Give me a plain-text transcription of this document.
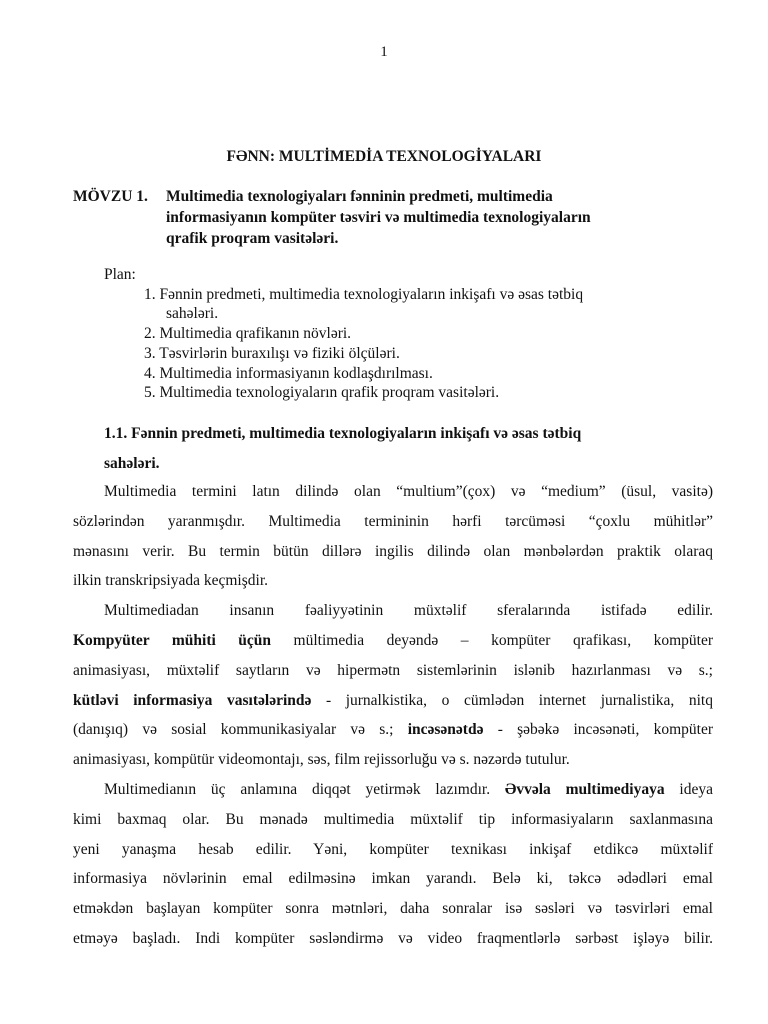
1
FƏNN: MULTİMEDİA TEXNOLOGİYALARI
MÖVZU 1. Multimedia texnologiyaları fənninin predmeti, multimedia
informasiyanın kompüter təsviri və multimedia texnologiyaların
qrafik proqram vasitələri.
Plan:
1. Fənnin predmeti, multimedia texnologiyaların inkişafı və əsas tətbiq
sahələri.
2. Multimedia qrafikanın növləri.
3. Təsvirlərin buraxılışı və fiziki ölçüləri.
4. Multimedia informasiyanın kodlaşdırılması.
5. Multimedia texnologiyaların qrafik proqram vasitələri.
1.1. Fənnin predmeti, multimedia texnologiyaların inkişafı və əsas tətbiq
sahələri.

Multimedia termini latın dilində olan “multium”(çox) və “medium” (üsul, vasitə)

sözlərindən yaranmışdır. Multimedia termininin hərfi tərcüməsi “çoxlu mühitlər”

mənasını verir. Bu termin bütün dillərə ingilis dilində olan mənbələrdən praktik olaraq

ilkin transkripsiyada keçmişdir.

Multimediadan insanın fəaliyyətinin müxtəlif sferalarında istifadə edilir.

Kompyüter mühiti üçün mültimedia deyəndə – kompüter qrafikası, kompüter

animasiyası, müxtəlif saytların və hipermətn sistemlərinin islənib hazırlanması və s.;

kütləvi informasiya vasıtələrində - jurnalkistika, o cümlədən internet jurnalistika, nitq

(danışıq) və sosial kommunikasiyalar və s.; incəsənətdə - şəbəkə incəsənəti, kompüter

animasiyası, kompütür videomontajı, səs, film rejissorluğu və s. nəzərdə tutulur.

Multimedianın üç anlamına diqqət yetirmək lazımdır. Əvvəla multimediyaya ideya

kimi baxmaq olar. Bu mənadə multimedia müxtəlif tip informasiyaların saxlanmasına

yeni yanaşma hesab edilir. Yəni, kompüter texnikası inkişaf etdikcə müxtəlif

informasiya növlərinin emal edilməsinə imkan yarandı. Belə ki, təkcə ədədləri emal

etməkdən başlayan kompüter sonra mətnləri, daha sonralar isə səsləri və təsvirləri emal

etməyə başladı. Indi kompüter səsləndirmə və video fraqmentlərlə sərbəst işləyə bilir.
